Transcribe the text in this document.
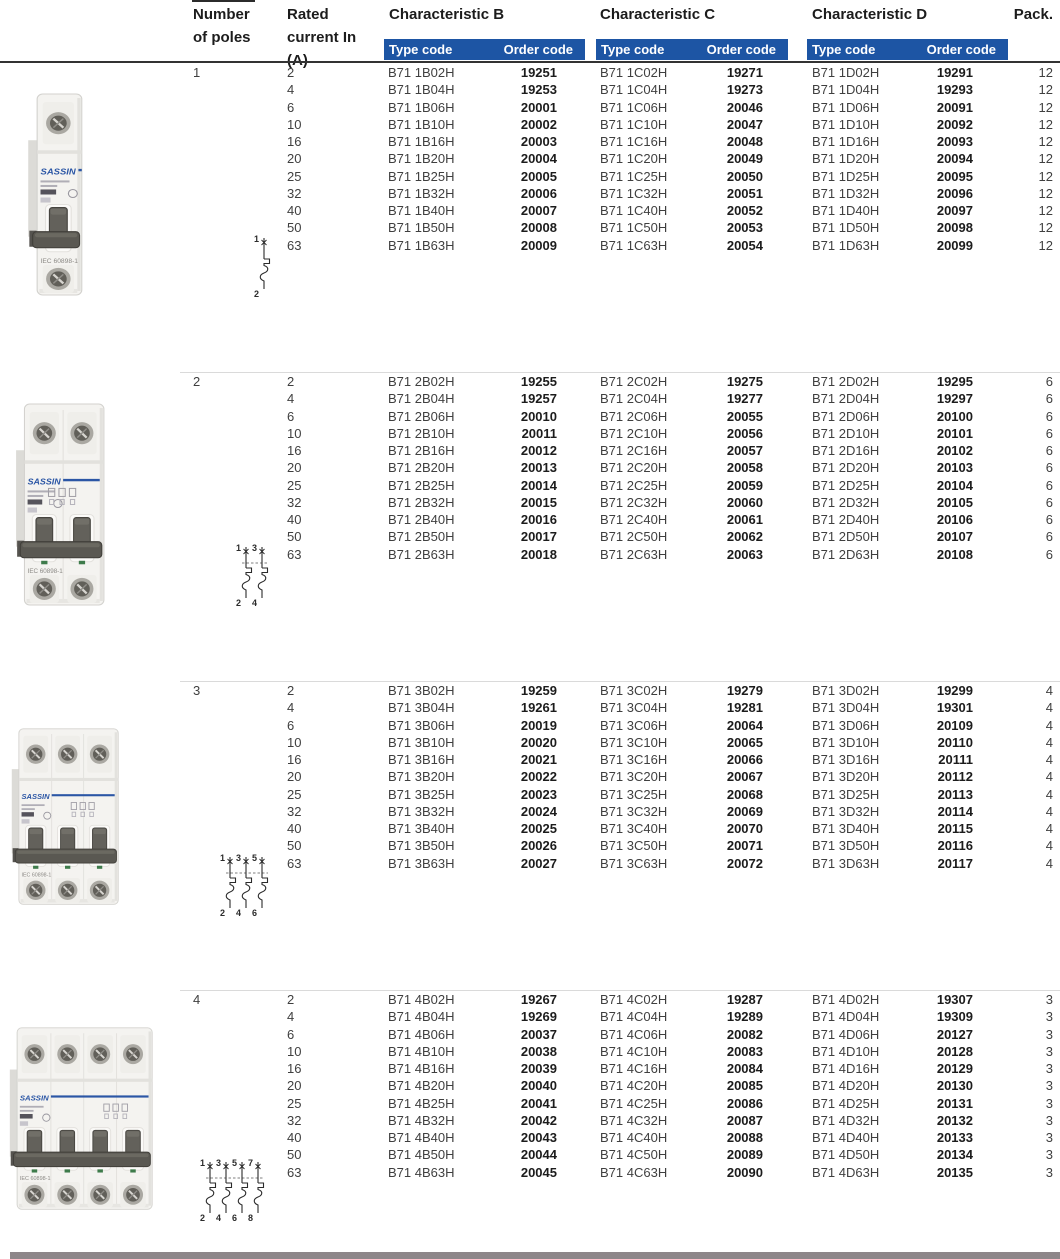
Number
of poles
Rated
current In
Characteristic B	Characteristic C	Characteristic D	Pack.
Type code	Order code Type code	Order code	Type code	Order code
1	2	B71 1B02H	19251	B71 1C02H	19271	B71 1D02H	19291	12
4	B71 1B04H	19253	B71 1C04H	19273	B71 1D04H	19293	12
6	B71 1B06H	20001	B71 1C06H	20046	B71 1D06H	20091	12
10	B71 1B10H	20002	B71 1C10H	20047	B71 1D10H	20092	12
16	B71 1B16H	20003	B71 1C16H	20048	B71 1D16H	20093	12
20	B71 1B20H	20004	B71 1C20H	20049	B71 1D20H	20094	12
25	B71 1B25H	20005	B71 1C25H	20050	B71 1D25H	20095	12
32	B71 1B32H	20006	B71 1C32H	20051	B71 1D32H	20096	12
40	B71 1B40H	20007	B71 1C40H	20052	B71 1D40H	20097	12
50	B71 1B50H	20008	B71 1C50H	20053	B71 1D50H	20098	12
63	B71 1B63H	20009	B71 1C63H	20054	B71 1D63H	20099	12
2	2	B71 2B02H	19255	B71 2C02H	19275	B71 2D02H	19295	6
4	B71 2B04H	19257	B71 2C04H	19277	B71 2D04H	19297	6
6	B71 2B06H	20010	B71 2C06H	20055	B71 2D06H	20100	6
10	B71 2B10H	20011	B71 2C10H	20056	B71 2D10H	20101	6
16	B71 2B16H	20012	B71 2C16H	20057	B71 2D16H	20102	6
20	B71 2B20H	20013	B71 2C20H	20058	B71 2D20H	20103	6
25	B71 2B25H	20014	B71 2C25H	20059	B71 2D25H	20104	6
32	B71 2B32H	20015	B71 2C32H	20060	B71 2D32H	20105	6
40	B71 2B40H	20016	B71 2C40H	20061	B71 2D40H	20106	6
50	B71 2B50H	20017	B71 2C50H	20062	B71 2D50H	20107	6
63	B71 2B63H	20018	B71 2C63H	20063	B71 2D63H	20108	6
3	2	B71 3B02H	19259	B71 3C02H	19279	B71 3D02H	19299	4
4	B71 3B04H	19261	B71 3C04H	19281	B71 3D04H	19301	4
6	B71 3B06H	20019	B71 3C06H	20064	B71 3D06H	20109	4
10	B71 3B10H	20020	B71 3C10H	20065	B71 3D10H	20110	4
16	B71 3B16H	20021	B71 3C16H	20066	B71 3D16H	20111	4
20	B71 3B20H	20022	B71 3C20H	20067	B71 3D20H	20112	4
25	B71 3B25H	20023	B71 3C25H	20068	B71 3D25H	20113	4
32	B71 3B32H	20024	B71 3C32H	20069	B71 3D32H	20114	4
40	B71 3B40H	20025	B71 3C40H	20070	B71 3D40H	20115	4
50	B71 3B50H	20026	B71 3C50H	20071	B71 3D50H	20116	4
63	B71 3B63H	20027	B71 3C63H	20072	B71 3D63H	20117	4
4	2	B71 4B02H	19267	B71 4C02H	19287	B71 4D02H	19307	3
4	B71 4B04H	19269	B71 4C04H	19289	B71 4D04H	19309	3
6	B71 4B06H	20037	B71 4C06H	20082	B71 4D06H	20127	3
10	B71 4B10H	20038	B71 4C10H	20083	B71 4D10H	20128	3
16	B71 4B16H	20039	B71 4C16H	20084	B71 4D16H	20129	3
20	B71 4B20H	20040	B71 4C20H	20085	B71 4D20H	20130	3
25	B71 4B25H	20041	B71 4C25H	20086	B71 4D25H	20131	3
32	B71 4B32H	20042	B71 4C32H	20087	B71 4D32H	20132	3
40	B71 4B40H	20043	B71 4C40H	20088	B71 4D40H	20133	3
50	B71 4B50H	20044	B71 4C50H	20089	B71 4D50H	20134	3
63	B71 4B63H	20045	B71 4C63H	20090	B71 4D63H	20135	3
SASSIN
IEC 60898-1
SASSIN
IEC 60898-1
SASSIN
IEC 60898-1
SASSIN
IEC 60898-1
1
2
1
2
3
4
1
2
3
4
5
6
1
2
3
4
5
6
7
8
